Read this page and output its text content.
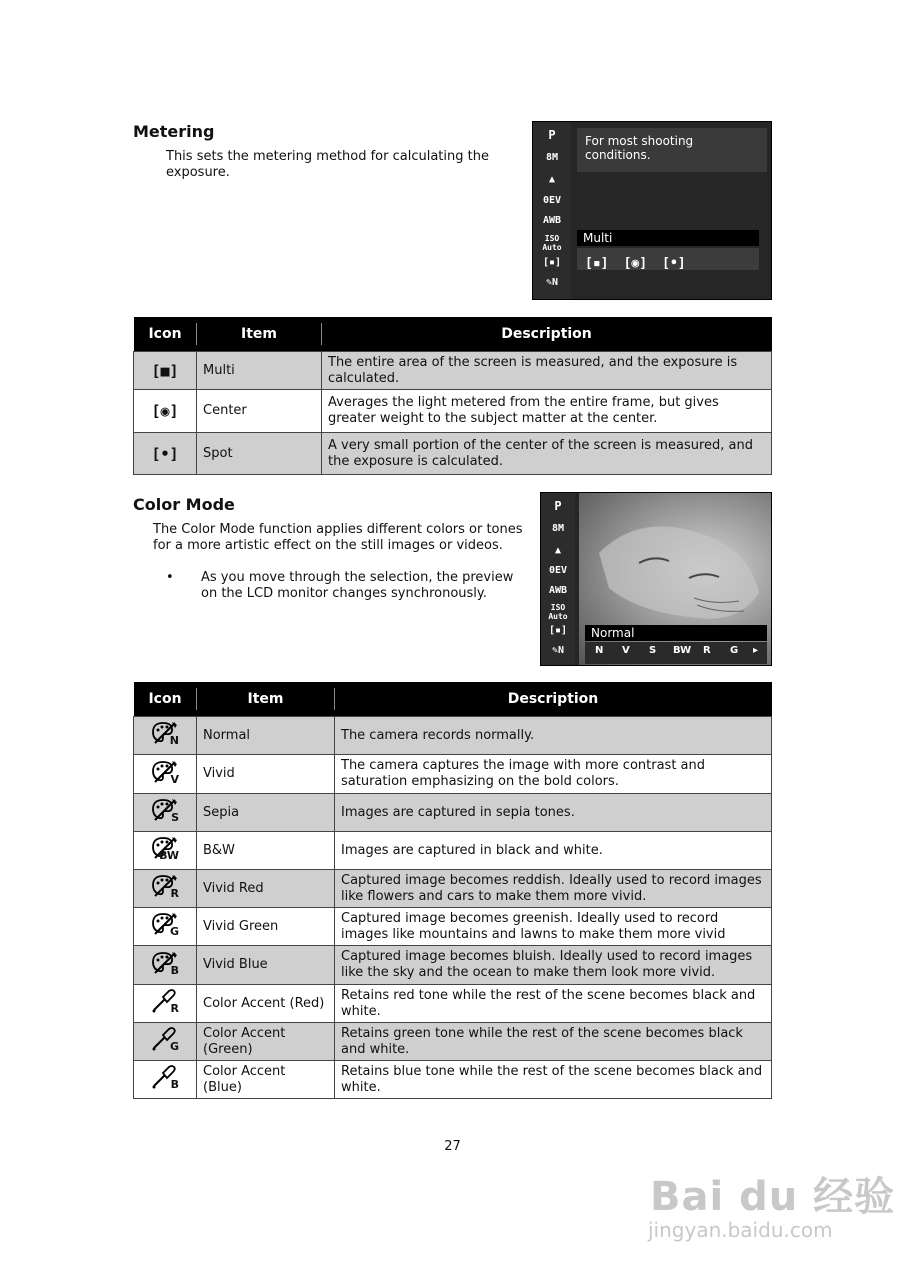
Metering
This sets the metering method for calculating the exposure.
P
8M
▲
0EV
AWB
ISO Auto
[▪]
✎N
For most shooting conditions.
Multi
[▪] [◉] [•]
Icon	Item	Description
[■]	Multi	The entire area of the screen is measured, and the exposure is calculated.
[◉]	Center	Averages the light metered from the entire frame, but gives greater weight to the subject matter at the center.
[•]	Spot	A very small portion of the center of the screen is measured, and the exposure is calculated.
Color Mode
The Color Mode function applies different colors or tones for a more artistic effect on the still images or videos.
• As you move through the selection, the preview on the LCD monitor changes synchronously.
P
8M
▲
0EV
AWB
ISO Auto
[▪]
✎N
Normal
N V S BW R G ▸
Icon	Item	Description

N	Normal	The camera records normally.

V	Vivid	The camera captures the image with more contrast and saturation emphasizing on the bold colors.

S	Sepia	Images are captured in sepia tones.

BW	B&W	Images are captured in black and white.

R	Vivid Red	Captured image becomes reddish. Ideally used to record images like flowers and cars to make them more vivid.

G	Vivid Green	Captured image becomes greenish. Ideally used to record images like mountains and lawns to make them more vivid

B	Vivid Blue	Captured image becomes bluish. Ideally used to record images like the sky and the ocean to make them look more vivid.

R	Color Accent (Red)	Retains red tone while the rest of the scene becomes black and white.

G	Color Accent (Green)	Retains green tone while the rest of the scene becomes black and white.

B	Color Accent (Blue)	Retains blue tone while the rest of the scene becomes black and white.
27
Bai du 经验
jingyan.baidu.com
